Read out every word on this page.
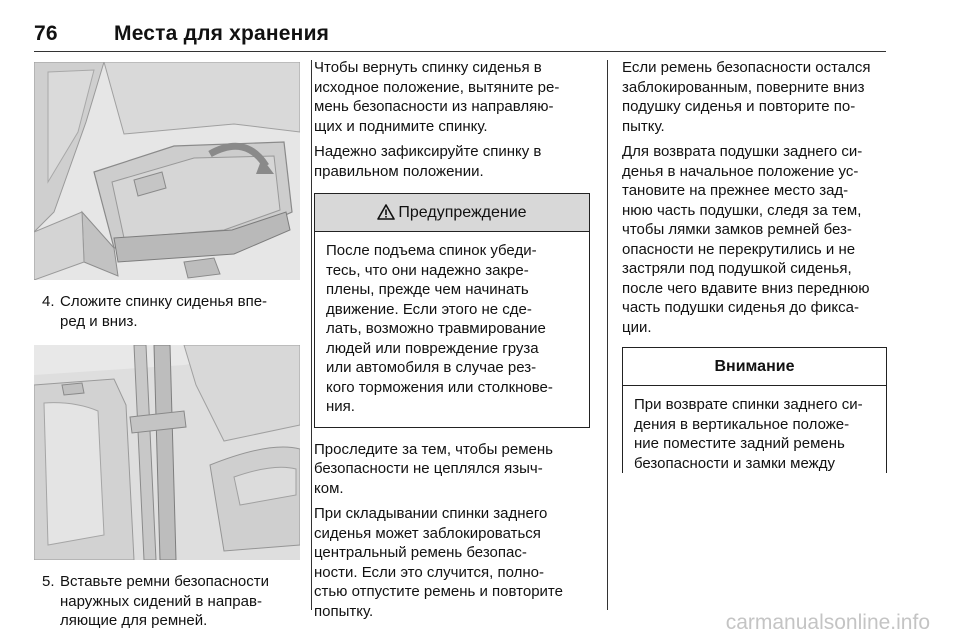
76	Места для хранения
4. Сложите спинку сиденья впе-
ред и вниз.
5. Вставьте ремни безопасности
наружных сидений в направ-
ляющие для ремней.
Чтобы вернуть спинку сиденья в
исходное положение, вытяните ре-
мень безопасности из направляю-
щих и поднимите спинку.
Надежно зафиксируйте спинку в
правильном положении.
Предупреждение
После подъема спинок убеди-
тесь, что они надежно закре-
плены, прежде чем начинать
движение. Если этого не сде-
лать, возможно травмирование
людей или повреждение груза
или автомобиля в случае рез-
кого торможения или столкнове-
ния.
Проследите за тем, чтобы ремень
безопасности не цеплялся языч-
ком.
При складывании спинки заднего
сиденья может заблокироваться
центральный ремень безопас-
ности. Если это случится, полно-
стью отпустите ремень и повторите
попытку.
Если ремень безопасности остался
заблокированным, поверните вниз
подушку сиденья и повторите по-
пытку.
Для возврата подушки заднего си-
денья в начальное положение ус-
тановите на прежнее место зад-
нюю часть подушки, следя за тем,
чтобы лямки замков ремней без-
опасности не перекрутились и не
застряли под подушкой сиденья,
после чего вдавите вниз переднюю
часть подушки сиденья до фикса-
ции.
Внимание
При возврате спинки заднего си-
дения в вертикальное положе-
ние поместите задний ремень
безопасности и замки между
carmanualsonline.info
